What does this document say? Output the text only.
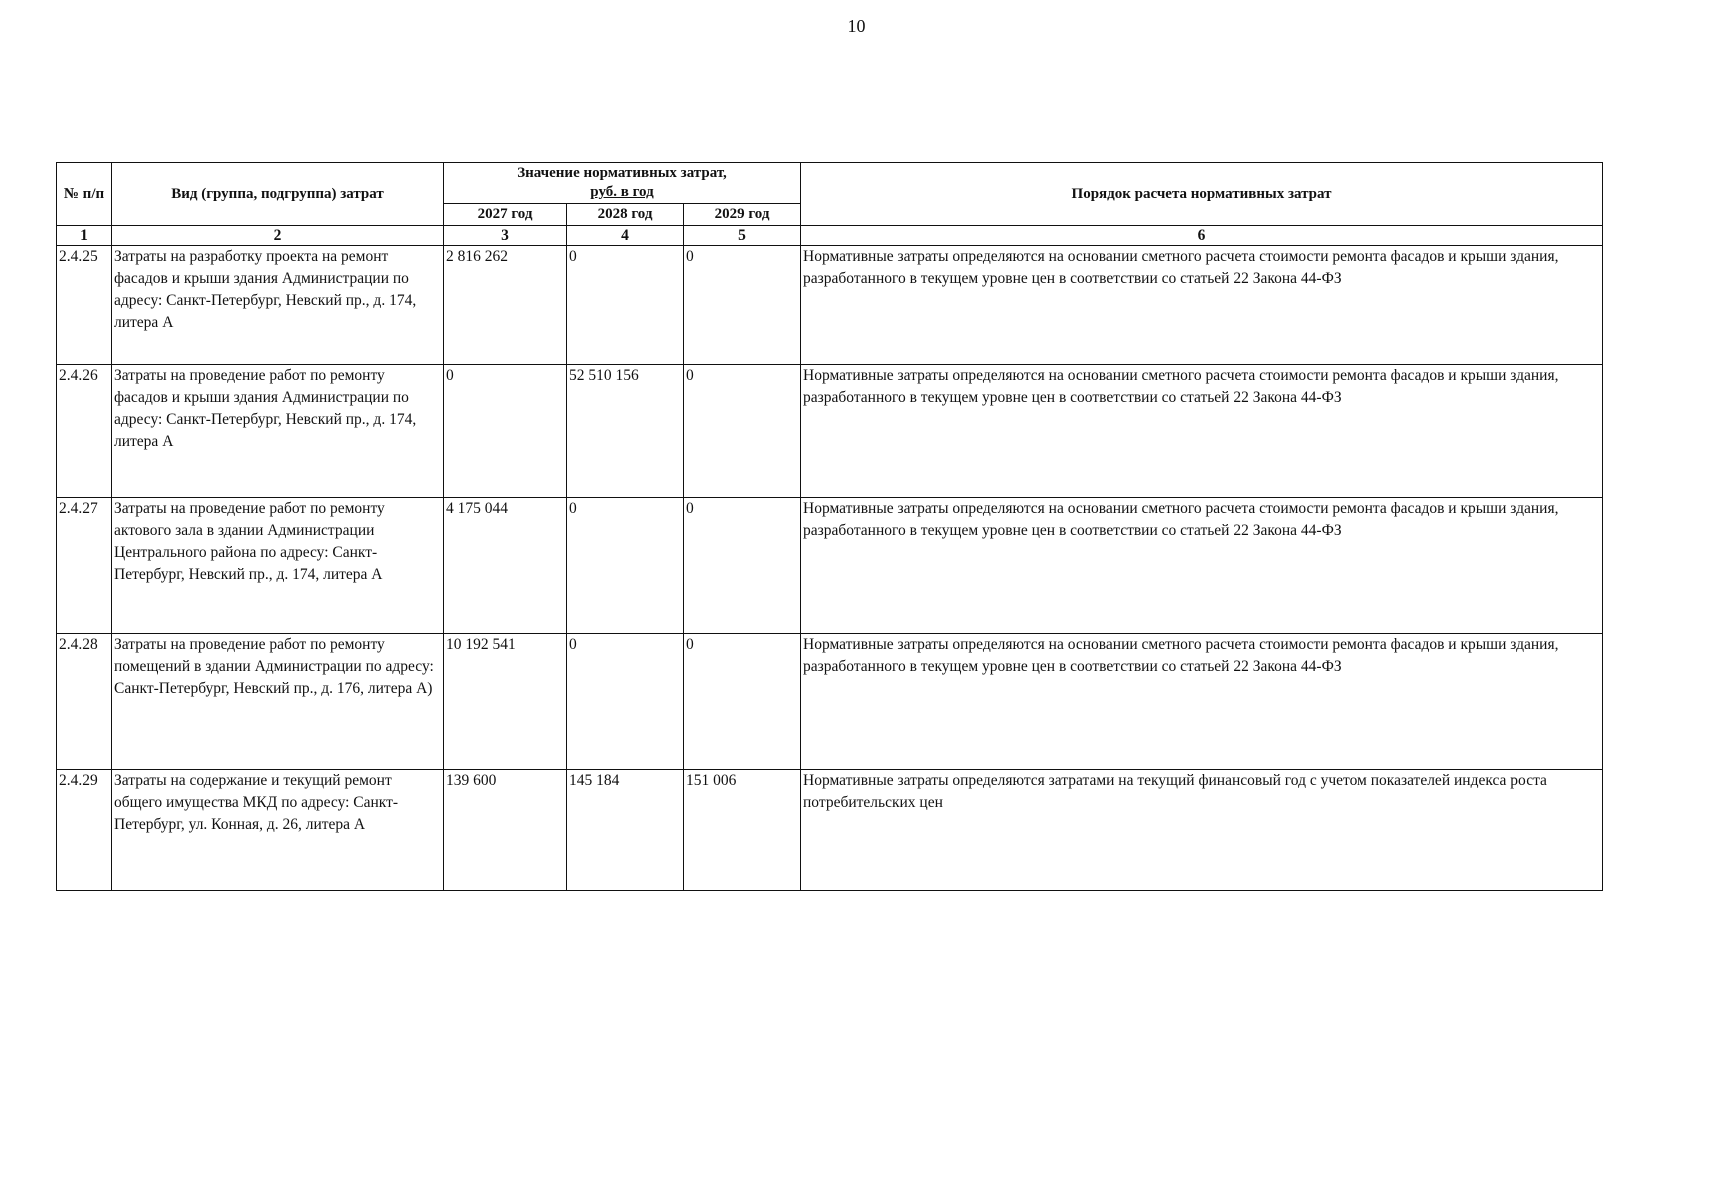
10
№ п/п	Вид (группа, подгруппа) затрат	Значение нормативных затрат,
руб. в год			Порядок расчета нормативных затрат
		2027 год	2028 год	2029 год	
1	2	3	4	5	6
2.4.25	Затраты на разработку проекта на ремонт фасадов и крыши здания Администрации по адресу: Санкт-Петербург, Невский пр., д. 174, литера А	2 816 262	0	0	Нормативные затраты определяются на основании сметного расчета стоимости ремонта фасадов и крыши здания, разработанного в текущем уровне цен в соответствии со статьей 22 Закона 44-ФЗ
2.4.26	Затраты на проведение работ по ремонту фасадов и крыши здания Администрации по адресу: Санкт-Петербург, Невский пр., д. 174, литера А	0	52 510 156	0	Нормативные затраты определяются на основании сметного расчета стоимости ремонта фасадов и крыши здания, разработанного в текущем уровне цен в соответствии со статьей 22 Закона 44-ФЗ
2.4.27	Затраты на проведение работ по ремонту актового зала в здании Администрации Центрального района по адресу: Санкт-Петербург, Невский пр., д. 174, литера А	4 175 044	0	0	Нормативные затраты определяются на основании сметного расчета стоимости ремонта фасадов и крыши здания, разработанного в текущем уровне цен в соответствии со статьей 22 Закона 44-ФЗ
2.4.28	Затраты на проведение работ по ремонту помещений в здании Администрации по адресу: Санкт-Петербург, Невский пр., д. 176, литера А)	10 192 541	0	0	Нормативные затраты определяются на основании сметного расчета стоимости ремонта фасадов и крыши здания, разработанного в текущем уровне цен в соответствии со статьей 22 Закона 44-ФЗ
2.4.29	Затраты на содержание и текущий ремонт общего имущества МКД по адресу: Санкт-Петербург, ул. Конная, д. 26, литера А	139 600	145 184	151 006	Нормативные затраты определяются затратами на текущий финансовый год с учетом показателей индекса роста потребительских цен
